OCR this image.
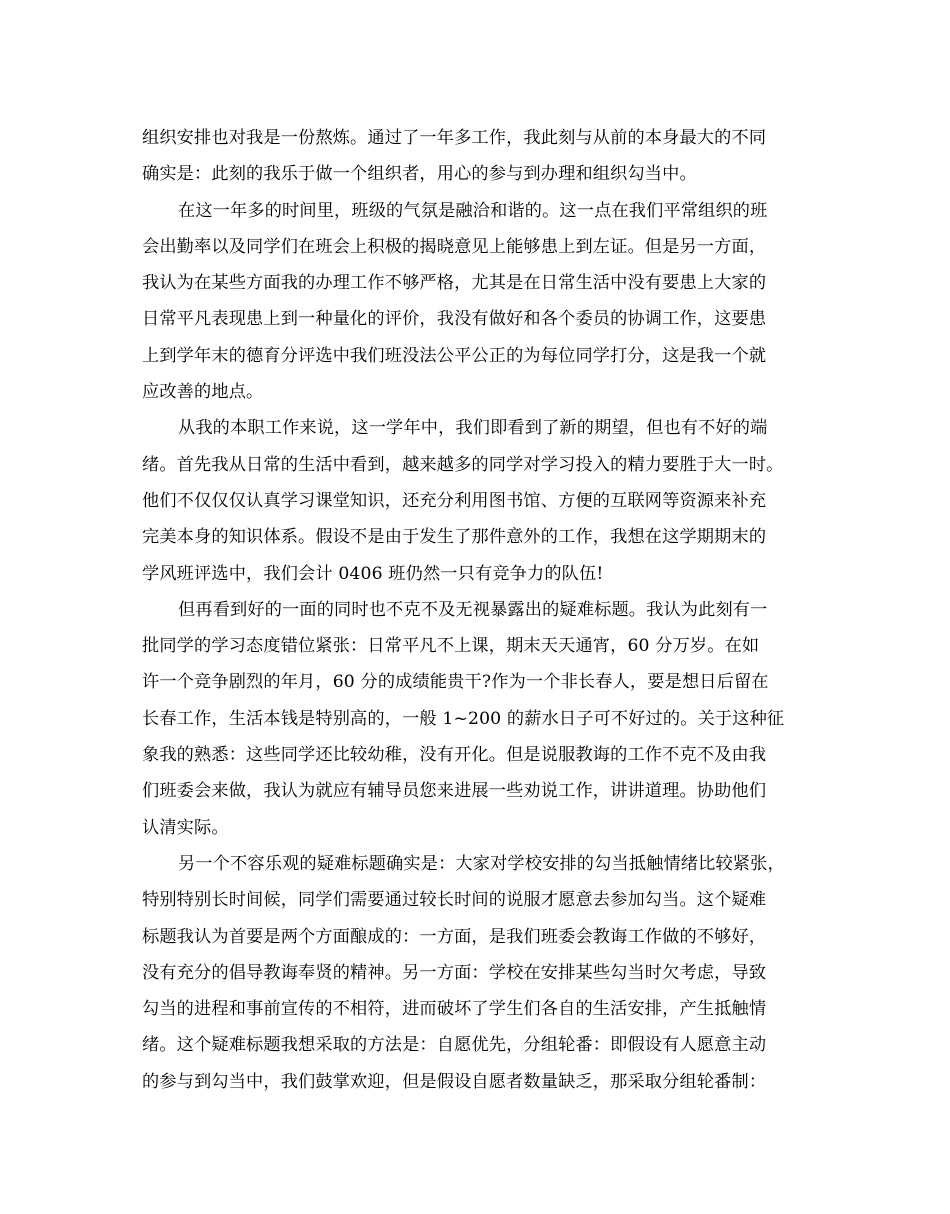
组织安排也对我是一份熬炼。通过了一年多工作，我此刻与从前的本身最大的不同
确实是：此刻的我乐于做一个组织者，用心的参与到办理和组织勾当中。
在这一年多的时间里，班级的气氛是融洽和谐的。这一点在我们平常组织的班
会出勤率以及同学们在班会上积极的揭晓意见上能够患上到左证。但是另一方面，
我认为在某些方面我的办理工作不够严格，尤其是在日常生活中没有要患上大家的
日常平凡表现患上到一种量化的评价，我没有做好和各个委员的协调工作，这要患
上到学年末的德育分评选中我们班没法公平公正的为每位同学打分，这是我一个就
应改善的地点。
从我的本职工作来说，这一学年中，我们即看到了新的期望，但也有不好的端
绪。首先我从日常的生活中看到，越来越多的同学对学习投入的精力要胜于大一时。
他们不仅仅仅认真学习课堂知识，还充分利用图书馆、方便的互联网等资源来补充
完美本身的知识体系。假设不是由于发生了那件意外的工作，我想在这学期期末的
学风班评选中，我们会计 0406 班仍然一只有竞争力的队伍!
但再看到好的一面的同时也不克不及无视暴露出的疑难标题。我认为此刻有一
批同学的学习态度错位紧张：日常平凡不上课，期末天天通宵，60 分万岁。在如
许一个竞争剧烈的年月，60 分的成绩能贵干?作为一个非长春人，要是想日后留在
长春工作，生活本钱是特别高的，一般 1~200 的薪水日子可不好过的。关于这种征
象我的熟悉：这些同学还比较幼稚，没有开化。但是说服教诲的工作不克不及由我
们班委会来做，我认为就应有辅导员您来进展一些劝说工作，讲讲道理。协助他们
认清实际。
另一个不容乐观的疑难标题确实是：大家对学校安排的勾当抵触情绪比较紧张，
特别特别长时间候，同学们需要通过较长时间的说服才愿意去参加勾当。这个疑难
标题我认为首要是两个方面酿成的：一方面，是我们班委会教诲工作做的不够好，
没有充分的倡导教诲奉贤的精神。另一方面：学校在安排某些勾当时欠考虑，导致
勾当的进程和事前宣传的不相符，进而破坏了学生们各自的生活安排，产生抵触情
绪。这个疑难标题我想采取的方法是：自愿优先，分组轮番：即假设有人愿意主动
的参与到勾当中，我们鼓掌欢迎，但是假设自愿者数量缺乏，那采取分组轮番制：
